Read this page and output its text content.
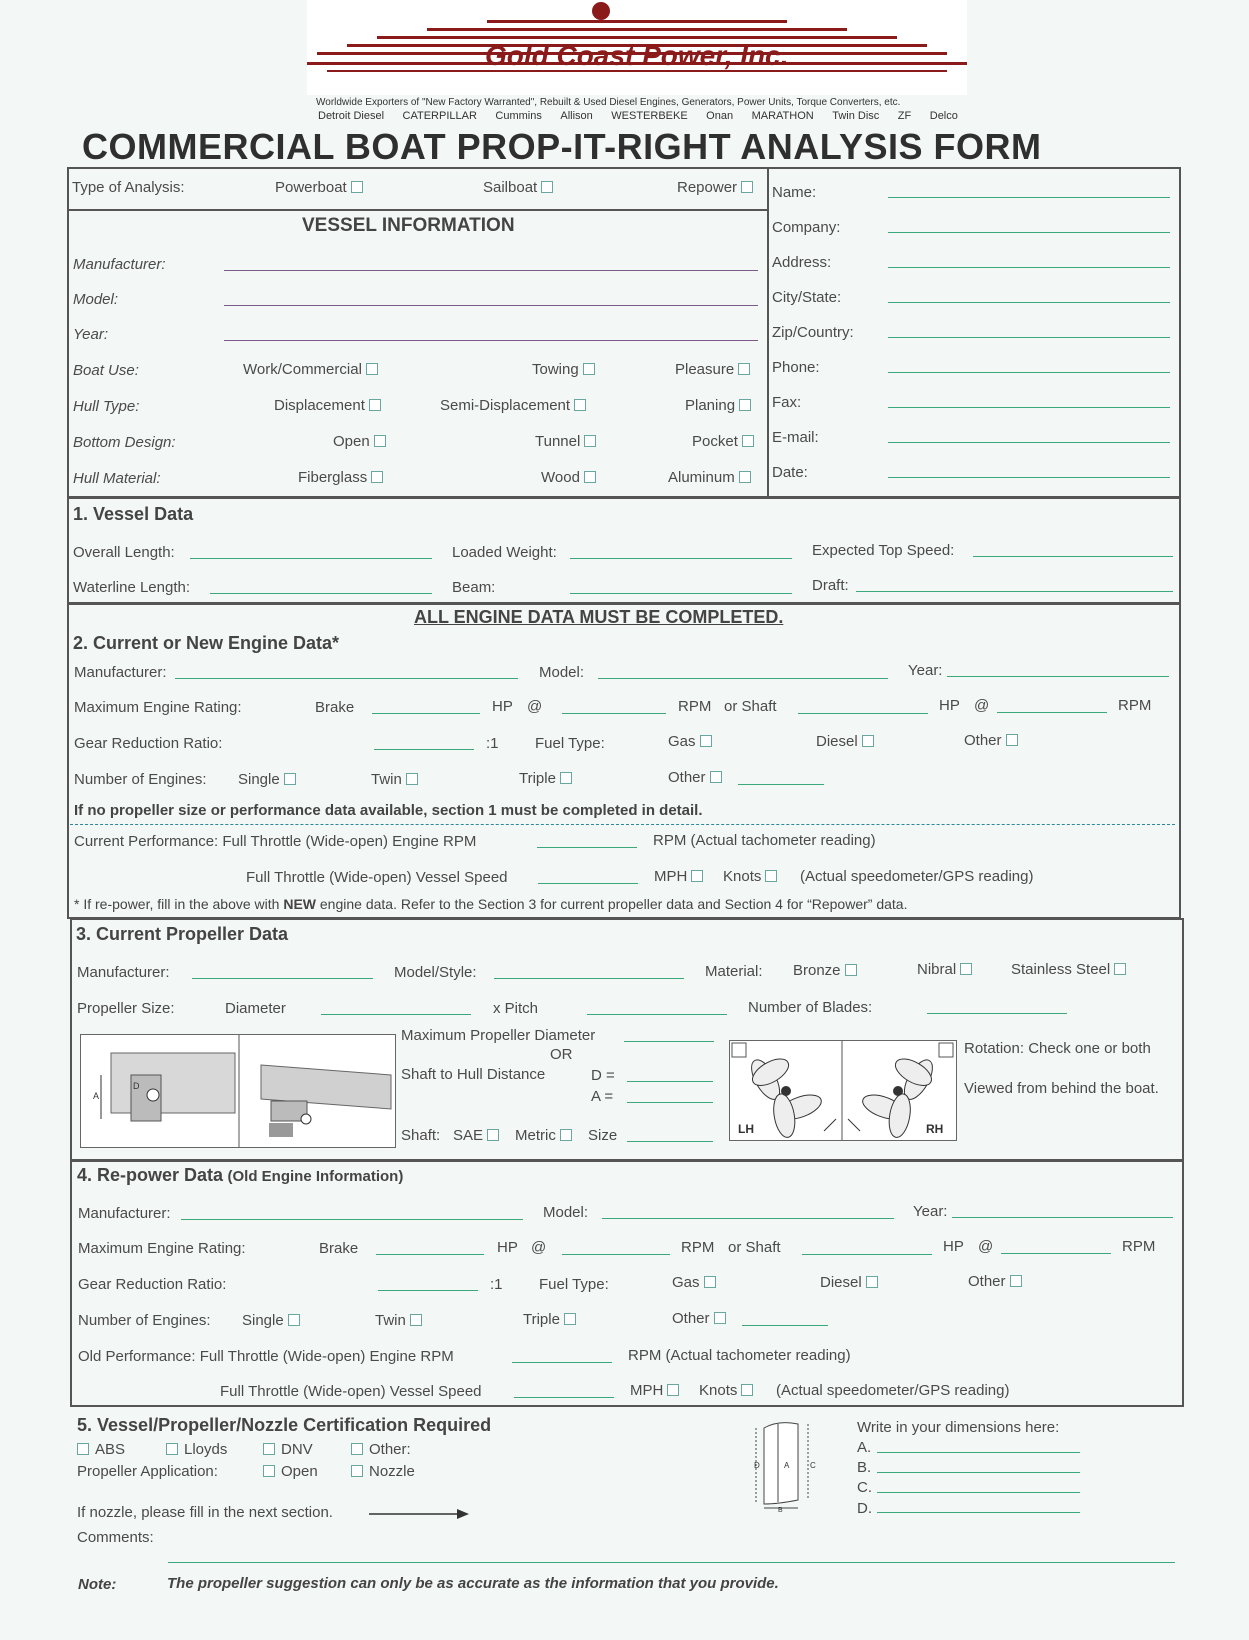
Gold Coast Power, Inc.
Worldwide Exporters of "New Factory Warranted", Rebuilt & Used Diesel Engines, Generators, Power Units, Torque Converters, etc.
Detroit Diesel CATERPILLAR Cummins Allison WESTERBEKE Onan MARATHON Twin Disc ZF Delco
COMMERCIAL BOAT PROP-IT-RIGHT ANALYSIS FORM
Type of Analysis:	Powerboat	Sailboat	Repower
VESSEL INFORMATION
Manufacturer:
Model:
Year:
Boat Use:	Work/Commercial	Towing	Pleasure
Hull Type:	Displacement	Semi-Displacement	Planing
Bottom Design:	Open	Tunnel	Pocket
Hull Material:	Fiberglass	Wood	Aluminum
Name:
Company:
Address:
City/State:
Zip/Country:
Phone:
Fax:
E-mail:
Date:
1. Vessel Data
Overall Length:	Loaded Weight:	Expected Top Speed:
Waterline Length:	Beam:	Draft:
ALL ENGINE DATA MUST BE COMPLETED.
2. Current or New Engine Data*
Manufacturer:	Model:	Year:
Maximum Engine Rating:	Brake	HP @	RPM or Shaft	HP @	RPM
Gear Reduction Ratio:	:1 Fuel Type:	Gas	Diesel	Other
Number of Engines: Single	Twin	Triple	Other
If no propeller size or performance data available, section 1 must be completed in detail.
Current Performance: Full Throttle (Wide-open) Engine RPM	RPM (Actual tachometer reading)
Full Throttle (Wide-open) Vessel Speed	MPH	Knots	(Actual speedometer/GPS reading)
* If re-power, fill in the above with NEW engine data. Refer to the Section 3 for current propeller data and Section 4 for “Repower” data.
3. Current Propeller Data
Manufacturer:	Model/Style:	Material: Bronze	Nibral	Stainless Steel
Propeller Size:	Diameter	x Pitch	Number of Blades:
A
D
Maximum Propeller Diameter
OR
Shaft to Hull Distance	D =
A =
Shaft: SAE	Metric	Size	LH	RH
Rotation: Check one or both
Viewed from behind the boat.
4. Re-power Data (Old Engine Information)
Manufacturer:	Model:	Year:
Maximum Engine Rating:	Brake	HP @	RPM or Shaft	HP @	RPM
Gear Reduction Ratio:	:1 Fuel Type:	Gas	Diesel	Other
Number of Engines: Single	Twin	Triple	Other
Old Performance: Full Throttle (Wide-open) Engine RPM	RPM (Actual tachometer reading)
Full Throttle (Wide-open) Vessel Speed	MPH	Knots	(Actual speedometer/GPS reading)
5. Vessel/Propeller/Nozzle Certification Required
ABS	Lloyds	DNV	Other:
Propeller Application:	Open	Nozzle
If nozzle, please fill in the next section.
Comments:
D	A	C
B
Write in your dimensions here:
A.
B.
C.
D.
Note:	The propeller suggestion can only be as accurate as the information that you provide.
